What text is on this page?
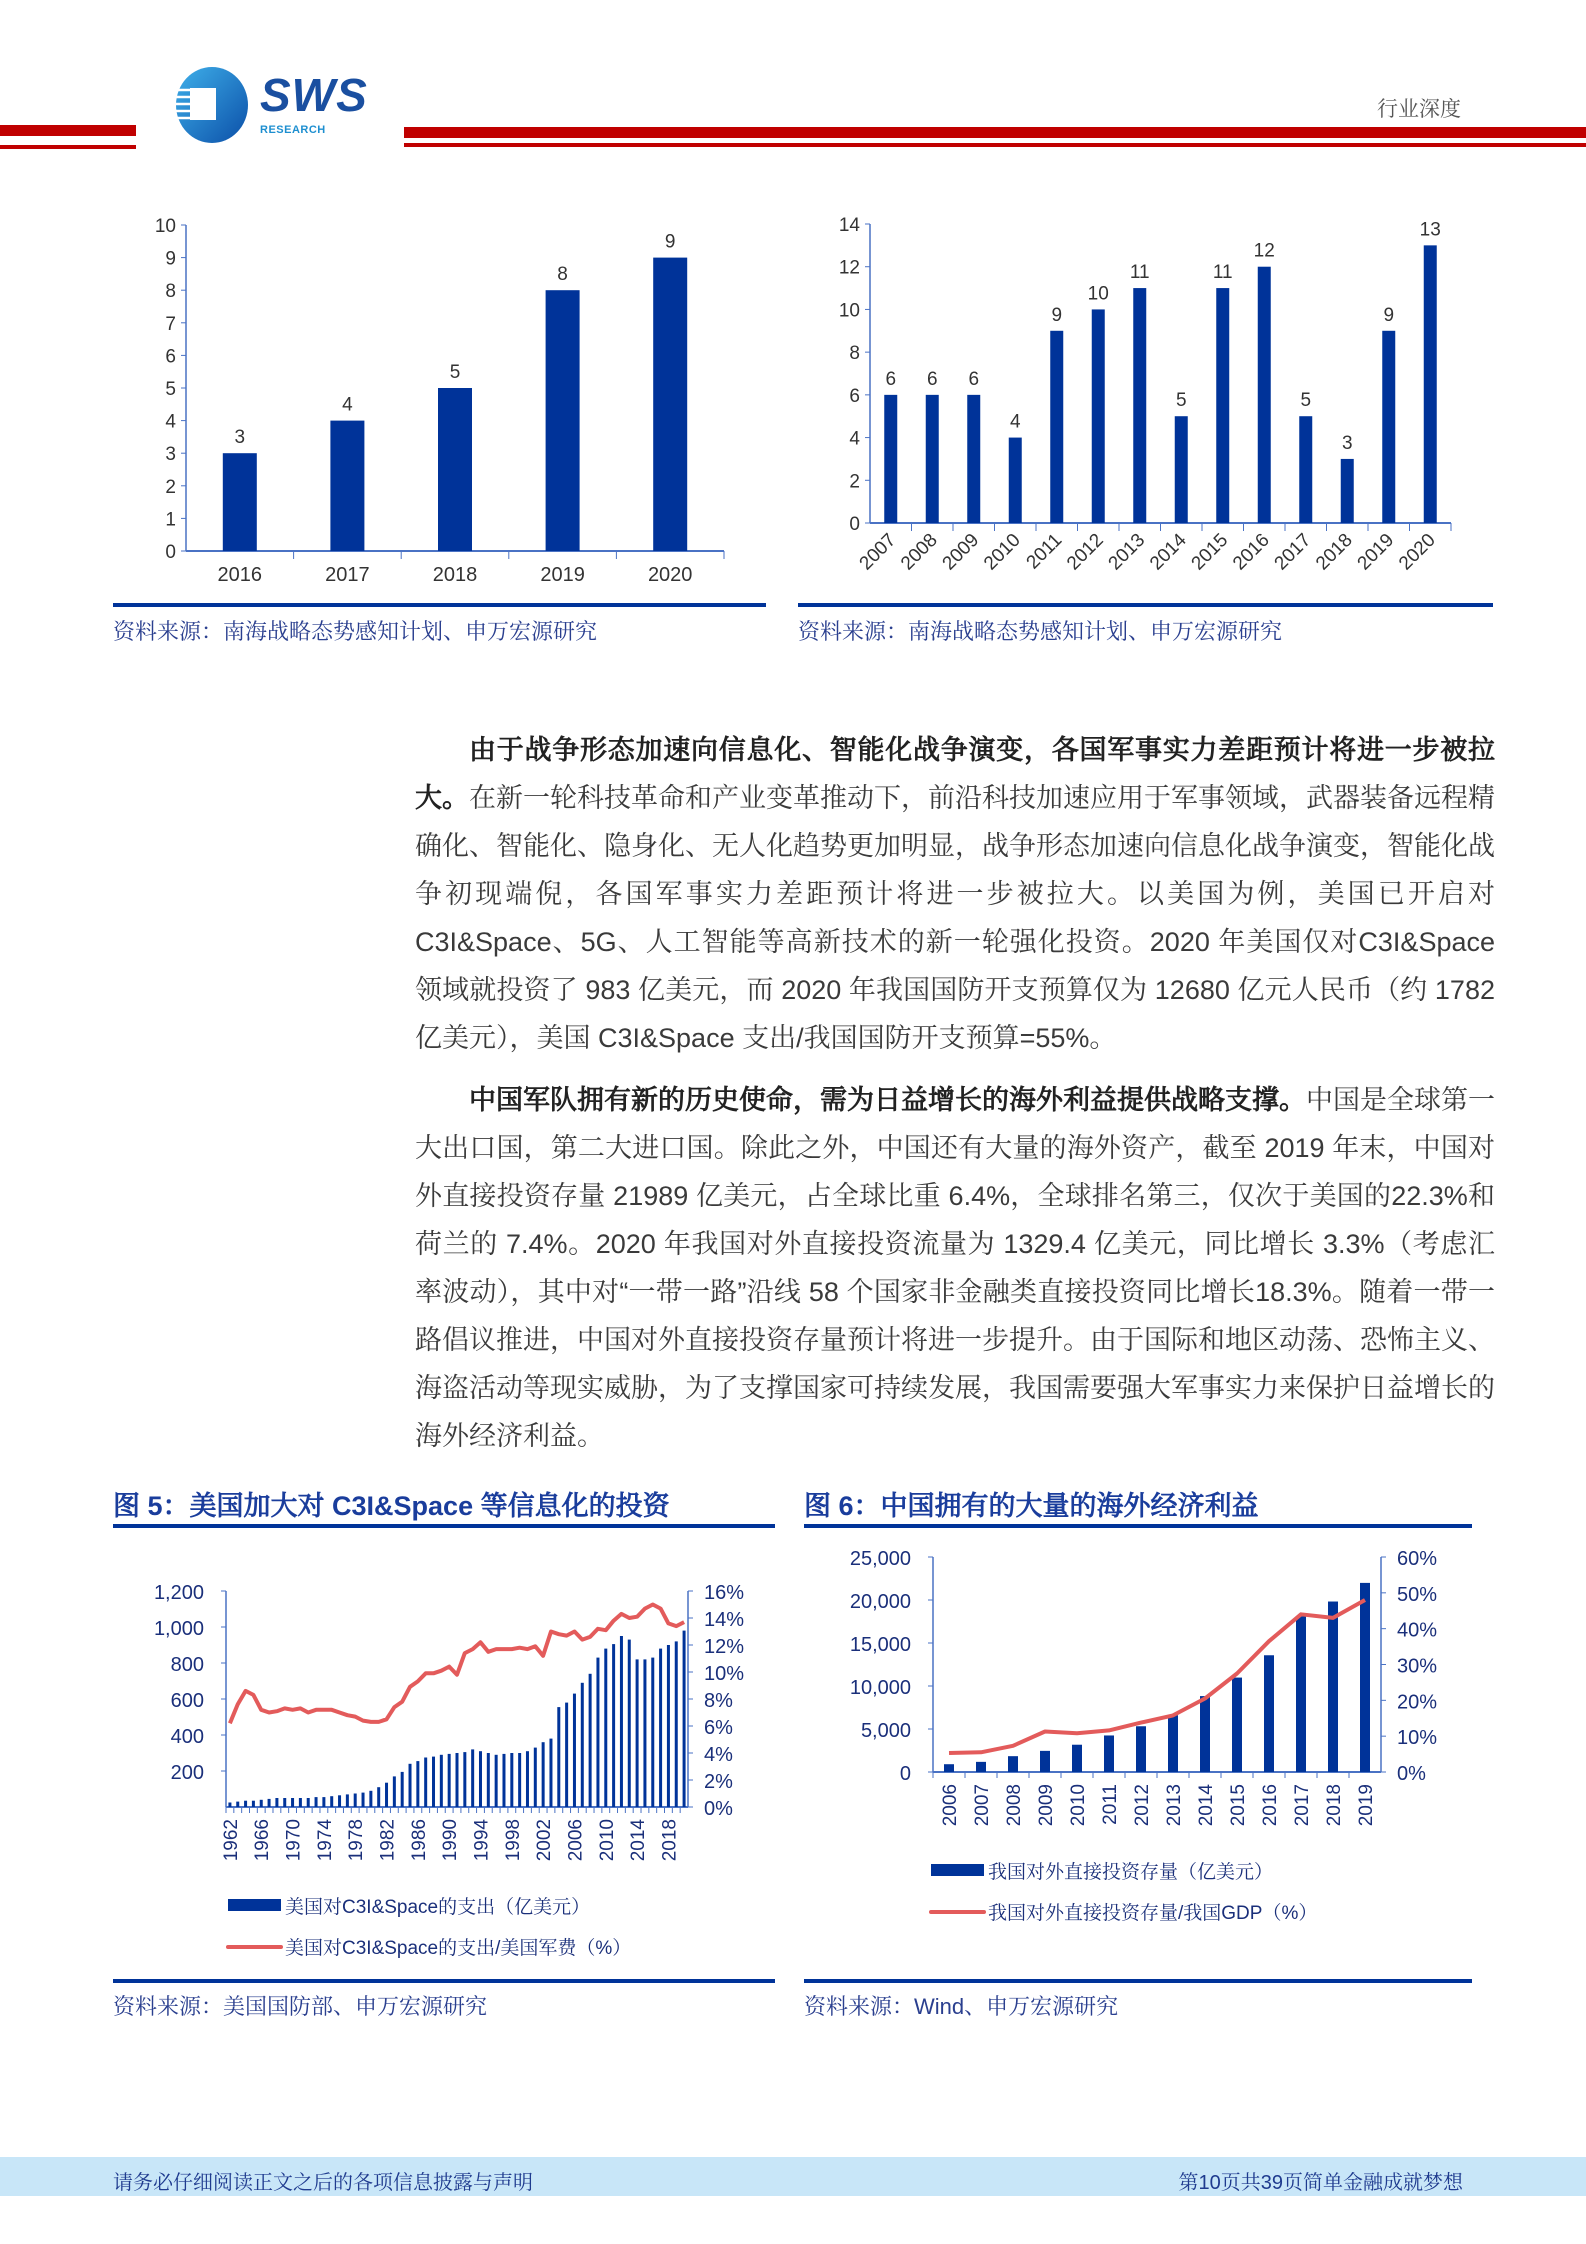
SWS
RESEARCH
行业深度
0
1
2
3
4
5
6
7
8
9
10
3
2016
4
2017
5
2018
8
2019
9
2020
0
2
4
6
8
10
12
14
6
2007
6
2008
6
2009
4
2010
9
2011
10
2012
11
2013
5
2014
11
2015
12
2016
5
2017
3
2018
9
2019
13
2020
资料来源：南海战略态势感知计划、申万宏源研究	资料来源：南海战略态势感知计划、申万宏源研究

由于战争形态加速向信息化、智能化战争演变，各国军事实力差距预计将进一步被拉大。在新一轮科技革命和产业变革推动下，前沿科技加速应用于军事领域，武器装备远程精确化、智能化、隐身化、无人化趋势更加明显，战争形态加速向信息化战争演变，智能化战争初现端倪，各国军事实力差距预计将进一步被拉大。以美国为例，美国已开启对C3I&Space、5G、人工智能等高新技术的新一轮强化投资。2020 年美国仅对C3I&Space 领域就投资了 983 亿美元，而 2020 年我国国防开支预算仅为 12680 亿元人民币（约 1782 亿美元），美国 C3I&Space 支出/我国国防开支预算=55%。

中国军队拥有新的历史使命，需为日益增长的海外利益提供战略支撑。中国是全球第一大出口国，第二大进口国。除此之外，中国还有大量的海外资产，截至 2019 年末，中国对外直接投资存量 21989 亿美元，占全球比重 6.4%，全球排名第三，仅次于美国的22.3%和荷兰的 7.4%。2020 年我国对外直接投资流量为 1329.4 亿美元，同比增长 3.3%（考虑汇率波动），其中对“一带一路”沿线 58 个国家非金融类直接投资同比增长18.3%。随着一带一路倡议推进，中国对外直接投资存量预计将进一步提升。由于国际和地区动荡、恐怖主义、海盗活动等现实威胁，为了支撑国家可持续发展，我国需要强大军事实力来保护日益增长的海外经济利益。

图 5：美国加大对 C3I&Space 等信息化的投资
200
400
600
800
1,000
1,200
0%
2%
4%
6%
8%
10%
12%
14%
16%
1962 1966 1970 1974 1978 1982 1986 1990 1994 1998 2002 2006 2010 2014 2018
美国对C3I&Space的支出（亿美元）
美国对C3I&Space的支出/美国军费（%）
资料来源：美国国防部、申万宏源研究
图 6：中国拥有的大量的海外经济利益
0
5,000
10,000
15,000
20,000
25,000
0%
10%
20%
30%
40%
50%
60%
2006 2007 2008 2009 2010 2011 2012 2013 2014 2015 2016 2017 2018 2019
我国对外直接投资存量（亿美元）
我国对外直接投资存量/我国GDP（%）
资料来源：Wind、申万宏源研究
请务必仔细阅读正文之后的各项信息披露与声明	第10页共39页简单金融成就梦想
